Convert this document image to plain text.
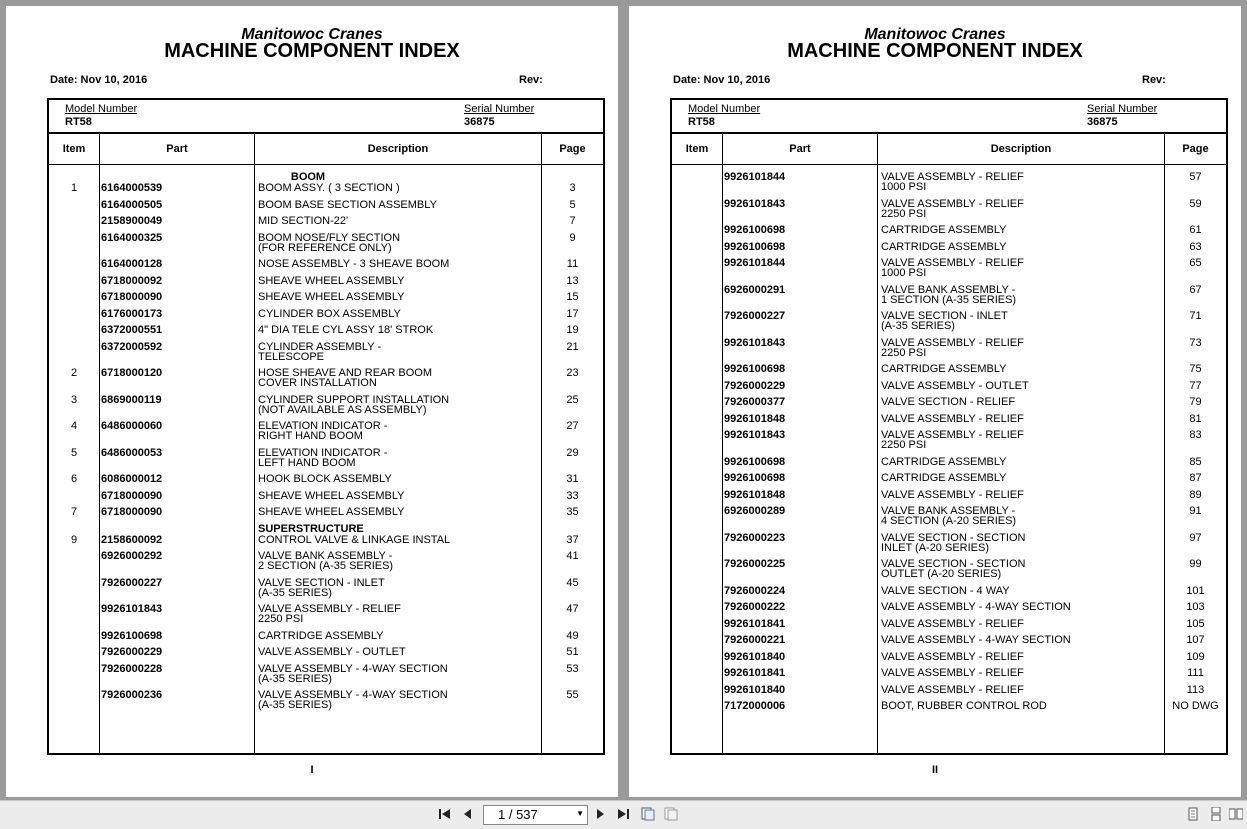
Manitowoc Cranes
MACHINE COMPONENT INDEX
Date: Nov 10, 2016	Rev:
Model Number
RT58
Serial Number
36875
Item	Part	Description	Page
BOOM
1	6164000539	BOOM ASSY. ( 3 SECTION )	3
6164000505	BOOM BASE SECTION ASSEMBLY	5
2158900049	MID SECTION-22'	7
6164000325	BOOM NOSE/FLY SECTION
(FOR REFERENCE ONLY)
9
6164000128	NOSE ASSEMBLY - 3 SHEAVE BOOM	11
6718000092	SHEAVE WHEEL ASSEMBLY	13
6718000090	SHEAVE WHEEL ASSEMBLY	15
6176000173	CYLINDER BOX ASSEMBLY	17
6372000551	4" DIA TELE CYL ASSY 18' STROK	19
6372000592	CYLINDER ASSEMBLY -
TELESCOPE
21
2	6718000120	HOSE SHEAVE AND REAR BOOM
COVER INSTALLATION
23
3	6869000119	CYLINDER SUPPORT INSTALLATION
(NOT AVAILABLE AS ASSEMBLY)
25
4	6486000060	ELEVATION INDICATOR -
RIGHT HAND BOOM
27
5	6486000053	ELEVATION INDICATOR -
LEFT HAND BOOM
29
6	6086000012	HOOK BLOCK ASSEMBLY	31
6718000090	SHEAVE WHEEL ASSEMBLY	33
7	6718000090	SHEAVE WHEEL ASSEMBLY	35
SUPERSTRUCTURE
9	2158600092	CONTROL VALVE & LINKAGE INSTAL	37
6926000292	VALVE BANK ASSEMBLY -
2 SECTION (A-35 SERIES)
41
7926000227	VALVE SECTION - INLET
(A-35 SERIES)
45
9926101843	VALVE ASSEMBLY - RELIEF
2250 PSI
47
9926100698	CARTRIDGE ASSEMBLY	49
7926000229	VALVE ASSEMBLY - OUTLET	51
7926000228	VALVE ASSEMBLY - 4-WAY SECTION
(A-35 SERIES)
53
7926000236	VALVE ASSEMBLY - 4-WAY SECTION
(A-35 SERIES)
55
I
Manitowoc Cranes
MACHINE COMPONENT INDEX
Date: Nov 10, 2016	Rev:
Model Number
RT58
Serial Number
36875
Item	Part	Description	Page
9926101844	VALVE ASSEMBLY - RELIEF
1000 PSI
57
9926101843	VALVE ASSEMBLY - RELIEF
2250 PSI
59
9926100698	CARTRIDGE ASSEMBLY	61
9926100698	CARTRIDGE ASSEMBLY	63
9926101844	VALVE ASSEMBLY - RELIEF
1000 PSI
65
6926000291	VALVE BANK ASSEMBLY -
1 SECTION (A-35 SERIES)
67
7926000227	VALVE SECTION - INLET
(A-35 SERIES)
71
9926101843	VALVE ASSEMBLY - RELIEF
2250 PSI
73
9926100698	CARTRIDGE ASSEMBLY	75
7926000229	VALVE ASSEMBLY - OUTLET	77
7926000377	VALVE SECTION - RELIEF	79
9926101848	VALVE ASSEMBLY - RELIEF	81
9926101843	VALVE ASSEMBLY - RELIEF
2250 PSI
83
9926100698	CARTRIDGE ASSEMBLY	85
9926100698	CARTRIDGE ASSEMBLY	87
9926101848	VALVE ASSEMBLY - RELIEF	89
6926000289	VALVE BANK ASSEMBLY -
4 SECTION (A-20 SERIES)
91
7926000223	VALVE SECTION - SECTION
INLET (A-20 SERIES)
97
7926000225	VALVE SECTION - SECTION
OUTLET (A-20 SERIES)
99
7926000224	VALVE SECTION - 4 WAY	101
7926000222	VALVE ASSEMBLY - 4-WAY SECTION	103
9926101841	VALVE ASSEMBLY - RELIEF	105
7926000221	VALVE ASSEMBLY - 4-WAY SECTION	107
9926101840	VALVE ASSEMBLY - RELIEF	109
9926101841	VALVE ASSEMBLY - RELIEF	111
9926101840	VALVE ASSEMBLY - RELIEF	113
7172000006	BOOT, RUBBER CONTROL ROD	NO DWG
II
1 / 537	▼
